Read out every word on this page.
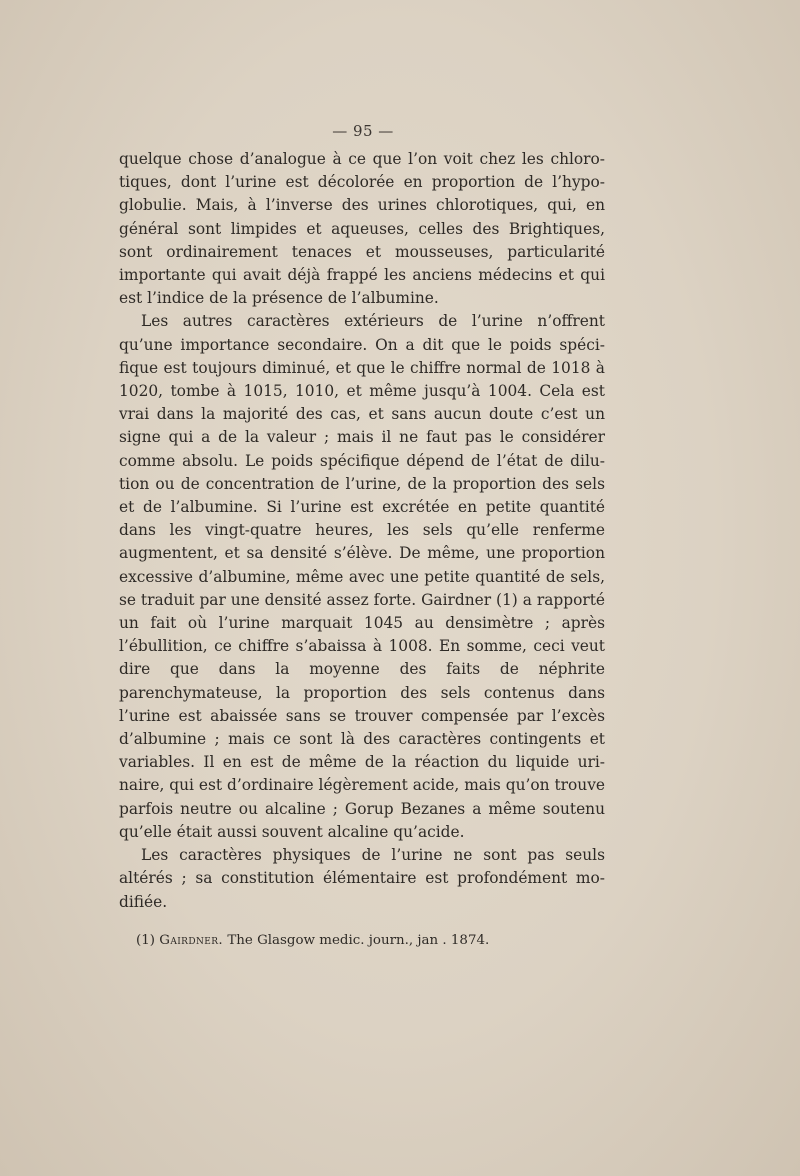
— 95 —

quelque chose d’analogue à ce que l’on voit chez les chlorotiques, dont l’urine est décolorée en proportion de l’hypoglobulie. Mais, à l’inverse des urines chlorotiques, qui, en général sont limpides et aqueuses, celles des Brightiques, sont ordinairement tenaces et mousseuses, particularité importante qui avait déjà frappé les anciens médecins et qui est l’indice de la présence de l’albumine.

Les autres caractères extérieurs de l’urine n’offrent qu’une importance secondaire. On a dit que le poids spécifique est toujours diminué, et que le chiffre normal de 1018 à 1020, tombe à 1015, 1010, et même jusqu’à 1004. Cela est vrai dans la majorité des cas, et sans aucun doute c’est un signe qui a de la valeur ; mais il ne faut pas le considérer comme absolu. Le poids spécifique dépend de l’état de dilution ou de concentration de l’urine, de la proportion des sels et de l’albumine. Si l’urine est excrétée en petite quantité dans les vingt-quatre heures, les sels qu’elle renferme augmentent, et sa densité s’élève. De même, une proportion excessive d’albumine, même avec une petite quantité de sels, se traduit par une densité assez forte. Gairdner (1) a rapporté un fait où l’urine marquait 1045 au densimètre ; après l’ébullition, ce chiffre s’abaissa à 1008. En somme, ceci veut dire que dans la moyenne des faits de néphrite parenchymateuse, la proportion des sels contenus dans l’urine est abaissée sans se trouver compensée par l’excès d’albumine ; mais ce sont là des caractères contingents et variables. Il en est de même de la réaction du liquide urinaire, qui est d’ordinaire légèrement acide, mais qu’on trouve parfois neutre ou alcaline ; Gorup Bezanes a même soutenu qu’elle était aussi souvent alcaline qu’acide.

Les caractères physiques de l’urine ne sont pas seuls altérés ; sa constitution élémentaire est profondément modifiée.

(1) Gairdner. The Glasgow medic. journ., jan . 1874.
